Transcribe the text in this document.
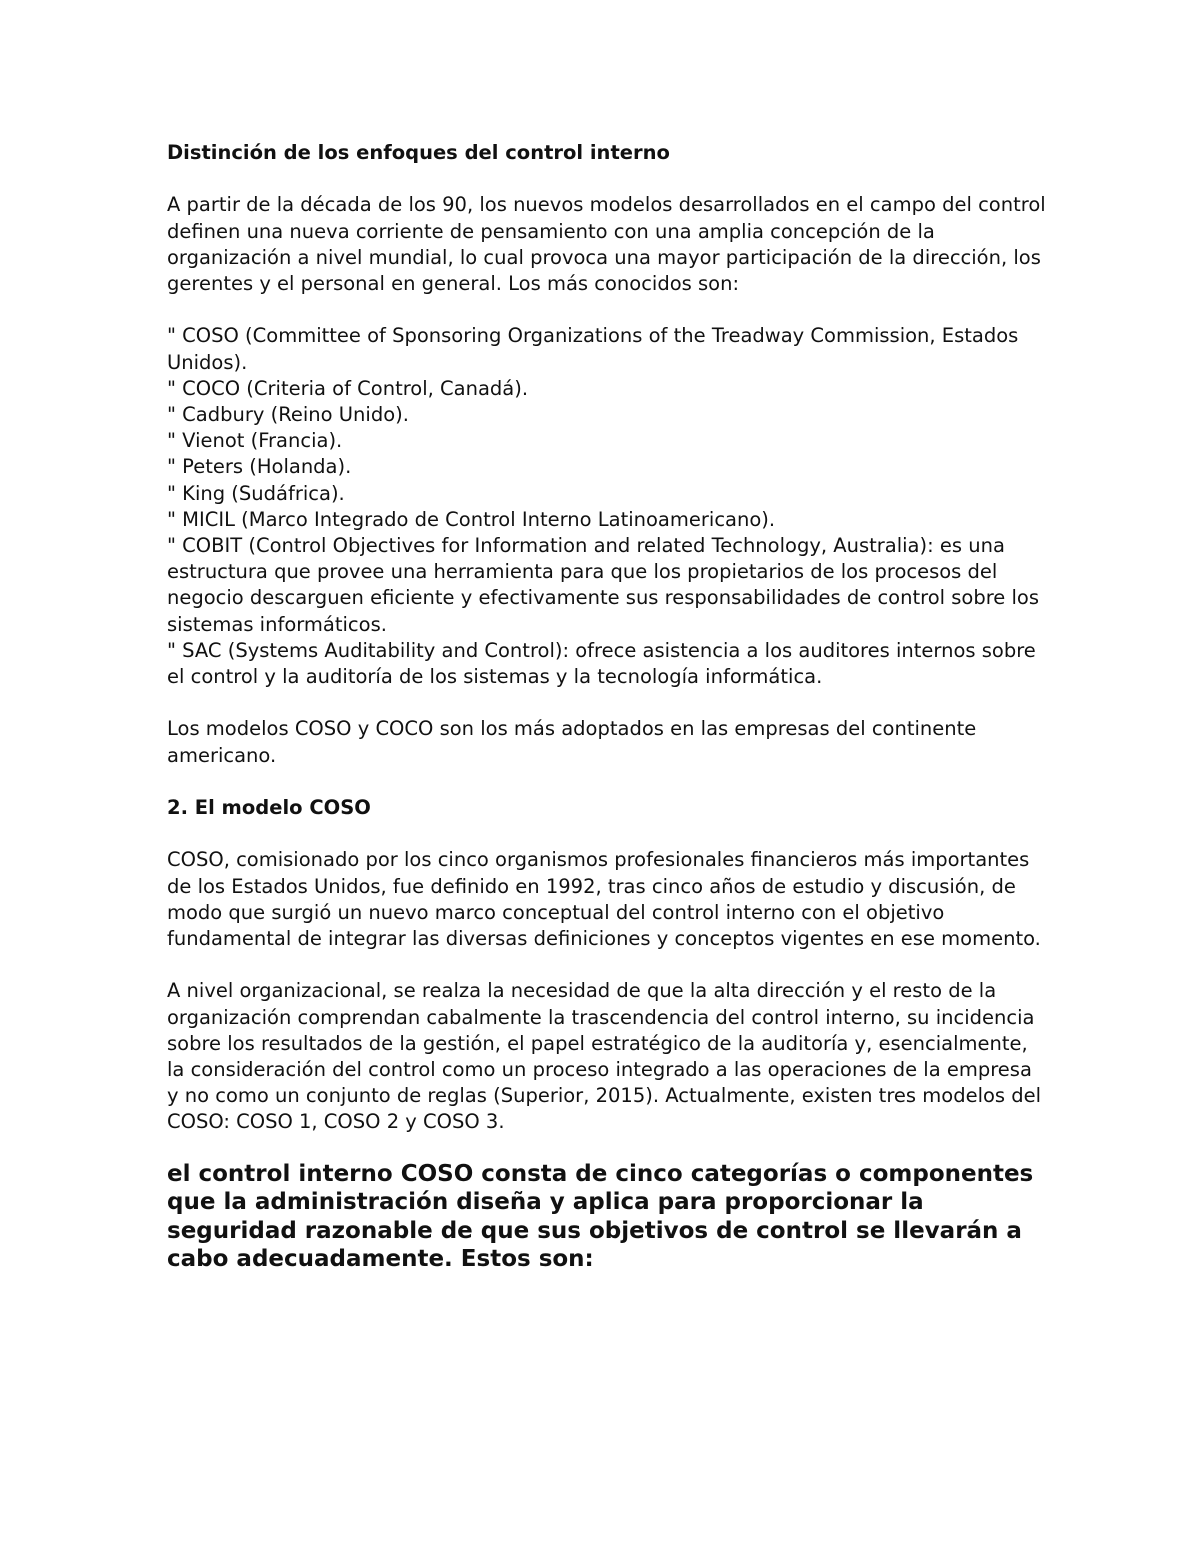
Distinción de los enfoques del control interno

A partir de la década de los 90, los nuevos modelos desarrollados en el campo del control definen una nueva corriente de pensamiento con una amplia concepción de la organización a nivel mundial, lo cual provoca una mayor participación de la dirección, los gerentes y el personal en general. Los más conocidos son:

" COSO (Committee of Sponsoring Organizations of the Treadway Commission, Estados Unidos).

" COCO (Criteria of Control, Canadá).

" Cadbury (Reino Unido).

" Vienot (Francia).

" Peters (Holanda).

" King (Sudáfrica).

" MICIL (Marco Integrado de Control Interno Latinoamericano).

" COBIT (Control Objectives for Information and related Technology, Australia): es una estructura que provee una herramienta para que los propietarios de los procesos del negocio descarguen eficiente y efectivamente sus responsabilidades de control sobre los sistemas informáticos.

" SAC (Systems Auditability and Control): ofrece asistencia a los auditores internos sobre el control y la auditoría de los sistemas y la tecnología informática.

Los modelos COSO y COCO son los más adoptados en las empresas del continente americano.

2. El modelo COSO

COSO, comisionado por los cinco organismos profesionales financieros más importantes de los Estados Unidos, fue definido en 1992, tras cinco años de estudio y discusión, de modo que surgió un nuevo marco conceptual del control interno con el objetivo fundamental de integrar las diversas definiciones y conceptos vigentes en ese momento.

A nivel organizacional, se realza la necesidad de que la alta dirección y el resto de la organización comprendan cabalmente la trascendencia del control interno, su incidencia sobre los resultados de la gestión, el papel estratégico de la auditoría y, esencialmente, la consideración del control como un proceso integrado a las operaciones de la empresa y no como un conjunto de reglas (Superior, 2015). Actualmente, existen tres modelos del COSO: COSO 1, COSO 2 y COSO 3.

el control interno COSO consta de cinco categorías o componentes que la administración diseña y aplica para proporcionar la seguridad razonable de que sus objetivos de control se llevarán a cabo adecuadamente. Estos son:
